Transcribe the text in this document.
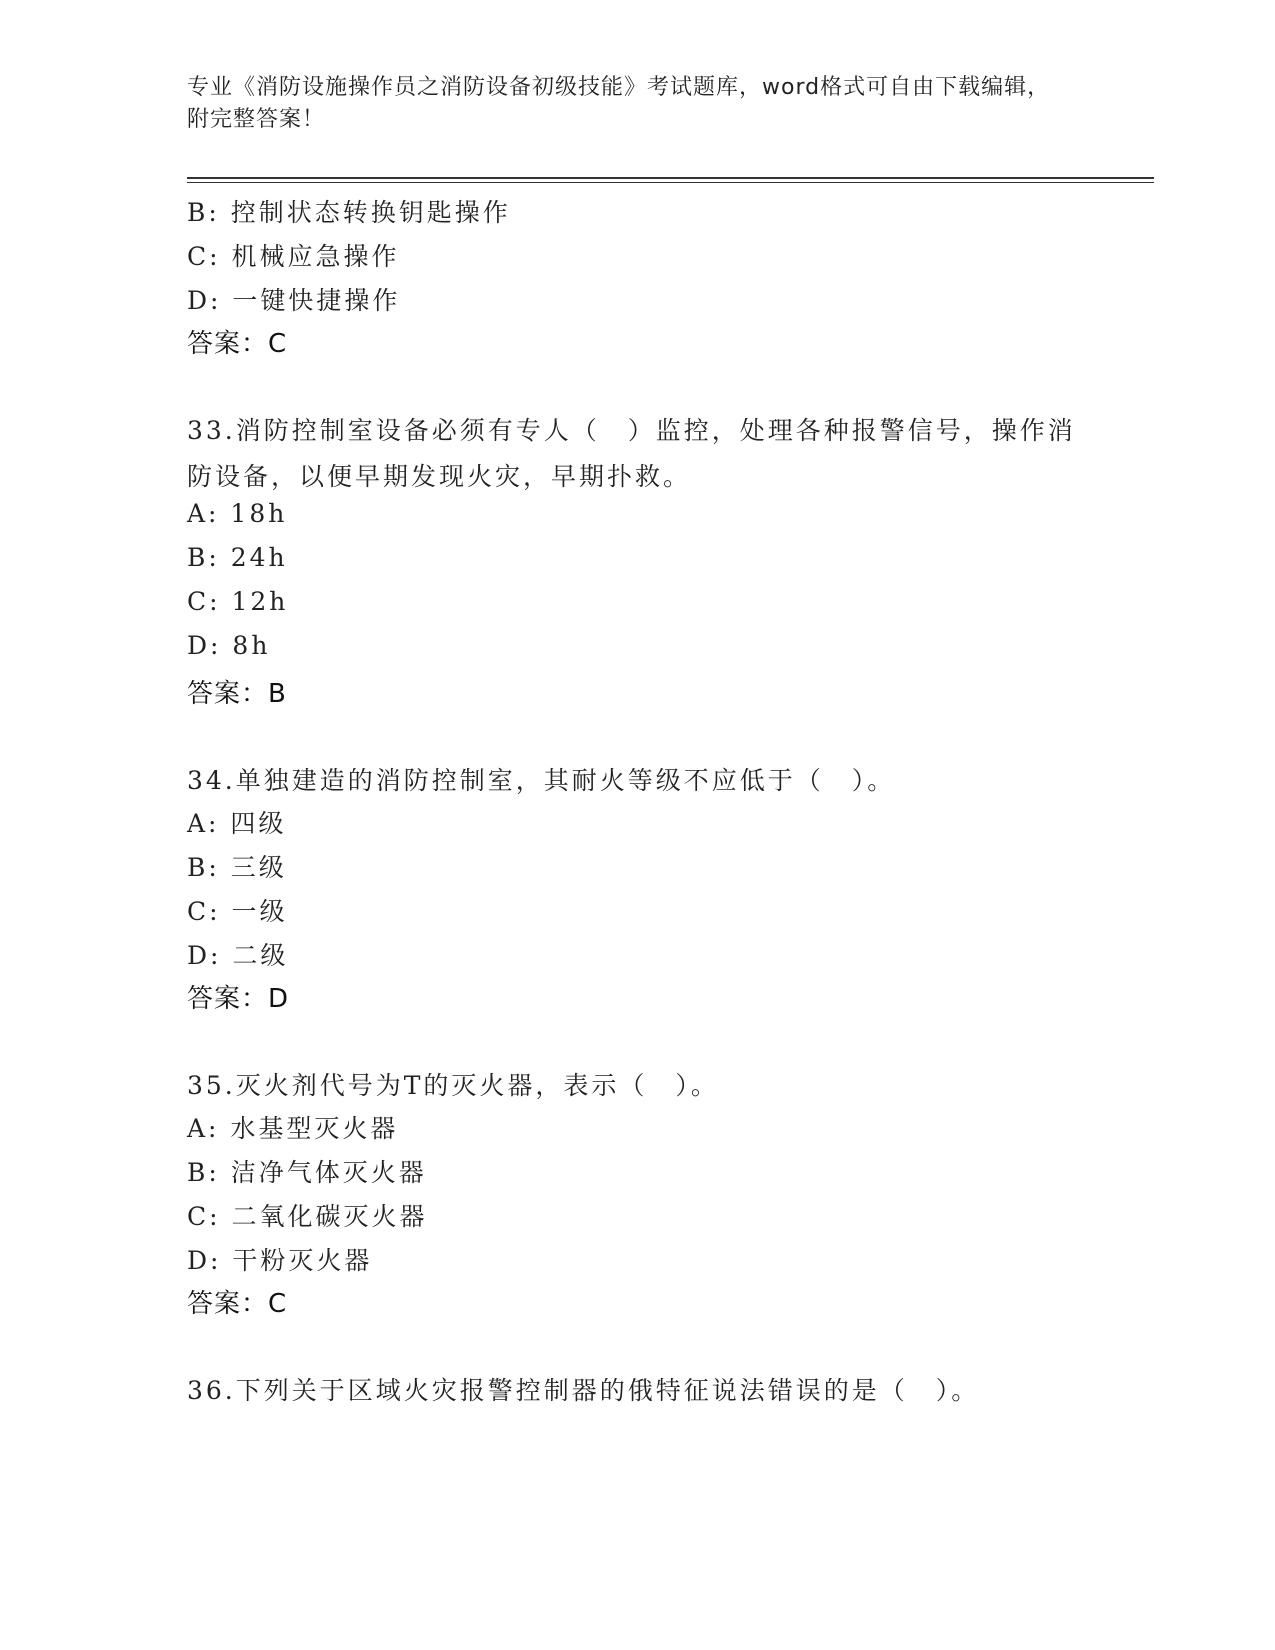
专业《消防设施操作员之消防设备初级技能》考试题库，word格式可自由下载编辑，附完整答案！
B: 控制状态转换钥匙操作
C: 机械应急操作
D: 一键快捷操作
答案：C
33.消防控制室设备必须有专人（　）监控，处理各种报警信号，操作消防设备，以便早期发现火灾，早期扑救。
A: 18h
B: 24h
C: 12h
D: 8h
答案：B
34.单独建造的消防控制室，其耐火等级不应低于（　）。
A: 四级
B: 三级
C: 一级
D: 二级
答案：D
35.灭火剂代号为T的灭火器，表示（　）。
A: 水基型灭火器
B: 洁净气体灭火器
C: 二氧化碳灭火器
D: 干粉灭火器
答案：C
36.下列关于区域火灾报警控制器的俄特征说法错误的是（　）。
